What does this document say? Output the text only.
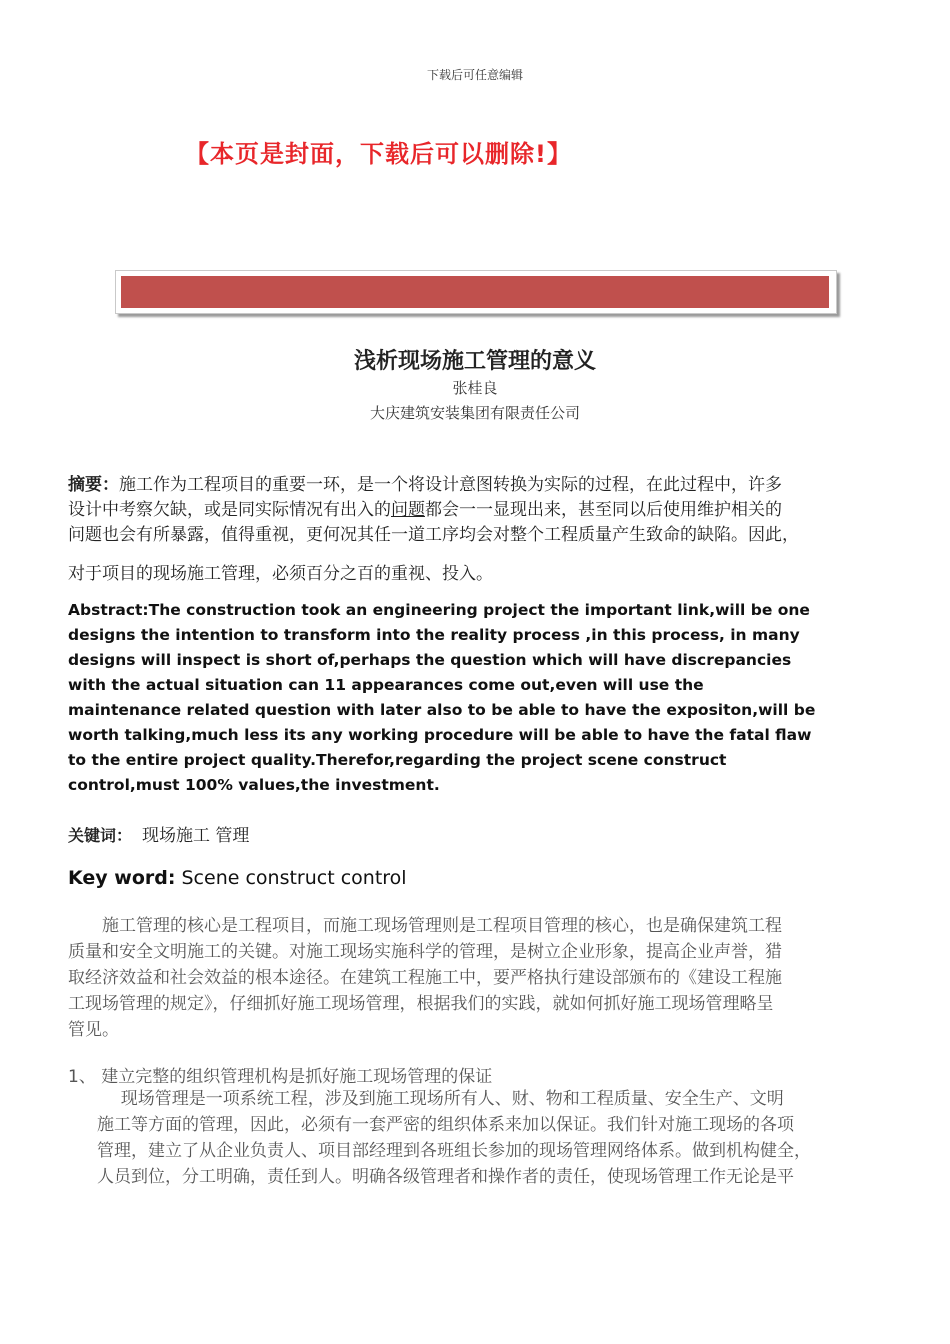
下载后可任意编辑
【本页是封面，下载后可以删除!】
浅析现场施工管理的意义
张桂良
大庆建筑安装集团有限责任公司
摘要：施工作为工程项目的重要一环，是一个将设计意图转换为实际的过程，在此过程中，许多
设计中考察欠缺，或是同实际情况有出入的问题都会一一显现出来，甚至同以后使用维护相关的
问题也会有所暴露，值得重视，更何况其任一道工序均会对整个工程质量产生致命的缺陷。因此，
对于项目的现场施工管理，必须百分之百的重视、投入。
Abstract:The construction took an engineering project the important link,will be one
designs the intention to transform into the reality process ,in this process, in many
designs will inspect is short of,perhaps the question which will have discrepancies
with the actual situation can 11 appearances come out,even will use the
maintenance related question with later also to be able to have the expositon,will be
worth talking,much less its any working procedure will be able to have the fatal flaw
to the entire project quality.Therefor,regarding the project scene construct
control,must 100% values,the investment.
关键词： 现场施工 管理
Key word: Scene construct control
施工管理的核心是工程项目，而施工现场管理则是工程项目管理的核心，也是确保建筑工程
质量和安全文明施工的关键。对施工现场实施科学的管理，是树立企业形象，提高企业声誉，猎
取经济效益和社会效益的根本途径。在建筑工程施工中，要严格执行建设部颁布的《建设工程施
工现场管理的规定》，仔细抓好施工现场管理，根据我们的实践，就如何抓好施工现场管理略呈
管见。
1、 建立完整的组织管理机构是抓好施工现场管理的保证
现场管理是一项系统工程，涉及到施工现场所有人、财、物和工程质量、安全生产、文明
施工等方面的管理，因此，必须有一套严密的组织体系来加以保证。我们针对施工现场的各项
管理，建立了从企业负责人、项目部经理到各班组长参加的现场管理网络体系。做到机构健全，
人员到位，分工明确，责任到人。明确各级管理者和操作者的责任，使现场管理工作无论是平
